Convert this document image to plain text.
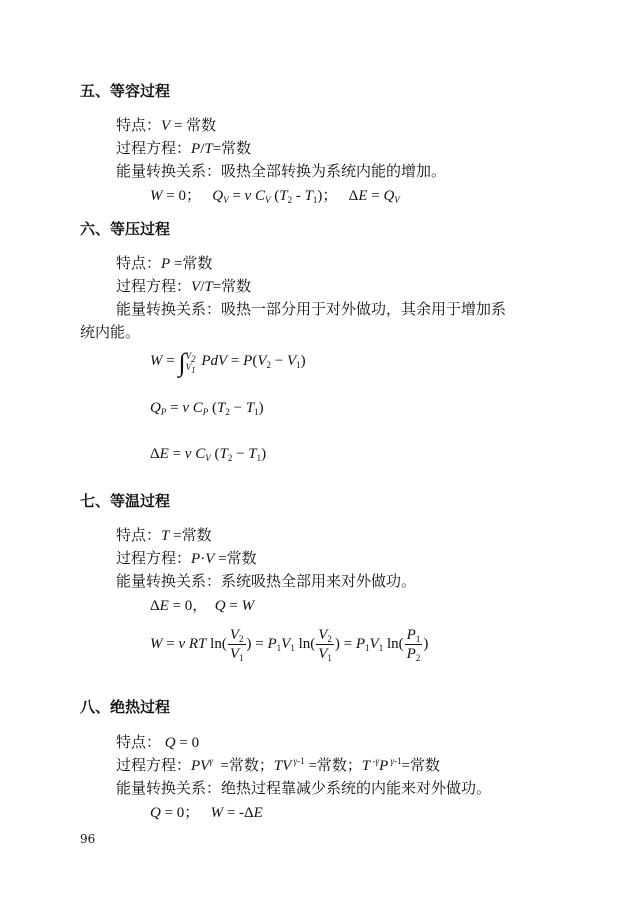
五、等容过程
特点：V = 常数
过程方程：P/T=常数
能量转换关系：吸热全部转换为系统内能的增加。
W = 0；   $Q_V = \nu$ $C_V$ $(T_2 - T_1)$；   $\Delta E = Q_V$
六、等压过程
特点：P =常数
过程方程：V/T=常数
能量转换关系：吸热一部分用于对外做功，其余用于增加系
统内能。
W = ∫ $V_2$
$V_1$
PdV = $P(V_2 - V_1)$
$Q_P = \nu$ $C_P$ $(T_2 - T_1)$
ΔE = ν $C_V$ $(T_2 - T_1)$
七、等温过程
特点：T =常数
过程方程：P·V =常数
能量转换关系：系统吸热全部用来对外做功。
ΔE = 0，  Q = W
W = ν RT $\ln( \frac{V_2}{V_1}$ ) = $P_1V_1$ $\ln( \frac{V_2}{V_1}$ ) = $P_1V_1$ $\ln( \frac{P_1}{P_2}$ )
八、绝热过程
特点： Q = 0
过程方程：$PV^\gamma$  =常数；TV $^{\gamma-1}$ =常数；T $^{-\gamma}$P $^{\gamma-1}$=常数
能量转换关系：绝热过程靠减少系统的内能来对外做功。
Q = 0；   W = -ΔE
96
